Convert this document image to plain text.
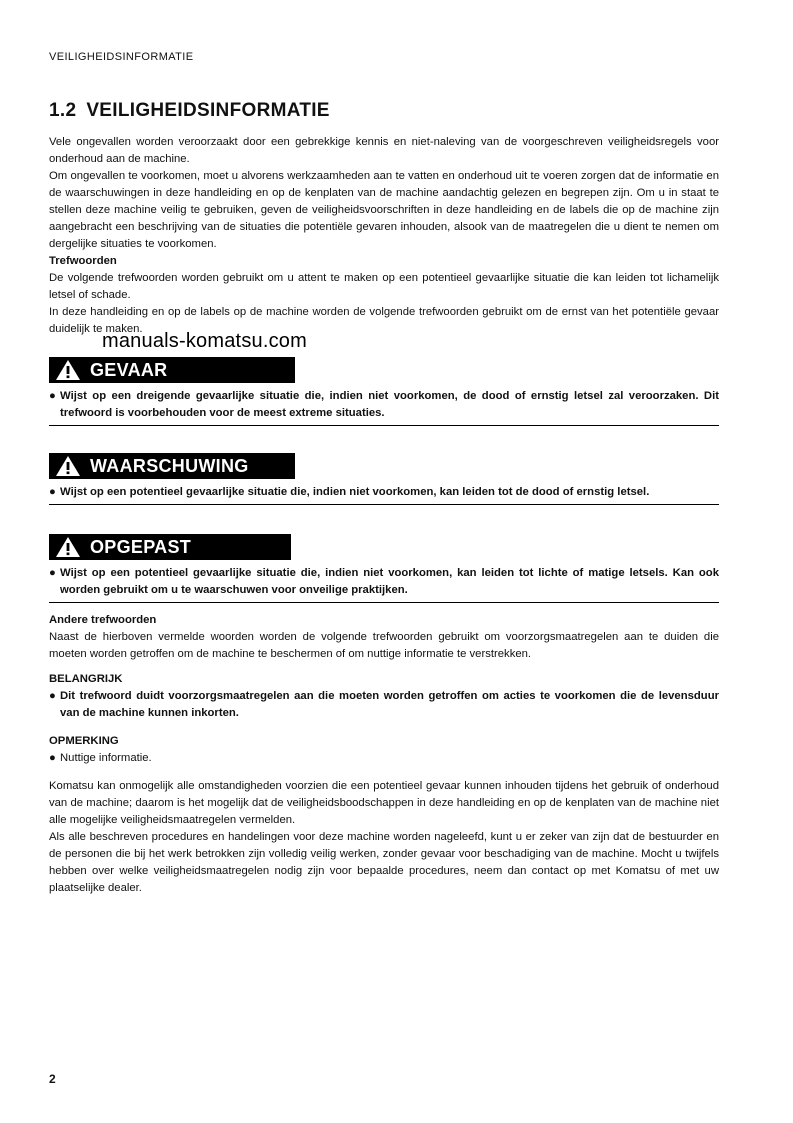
VEILIGHEIDSINFORMATIE
1.2 VEILIGHEIDSINFORMATIE

Vele ongevallen worden veroorzaakt door een gebrekkige kennis en niet-naleving van de voorgeschreven veiligheidsregels voor onderhoud aan de machine.

Om ongevallen te voorkomen, moet u alvorens werkzaamheden aan te vatten en onderhoud uit te voeren zorgen dat de informatie en de waarschuwingen in deze handleiding en op de kenplaten van de machine aandachtig gelezen en begrepen zijn. Om u in staat te stellen deze machine veilig te gebruiken, geven de veiligheidsvoorschriften in deze handleiding en de labels die op de machine zijn aangebracht een beschrijving van de situaties die potentiële gevaren inhouden, alsook van de maatregelen die u dient te nemen om dergelijke situaties te voorkomen.

Trefwoorden

De volgende trefwoorden worden gebruikt om u attent te maken op een potentieel gevaarlijke situatie die kan leiden tot lichamelijk letsel of schade.

In deze handleiding en op de labels op de machine worden de volgende trefwoorden gebruikt om de ernst van het potentiële gevaar duidelijk te maken.

GEVAAR
● Wijst op een dreigende gevaarlijke situatie die, indien niet voorkomen, de dood of ernstig letsel zal veroorzaken. Dit trefwoord is voorbehouden voor de meest extreme situaties.
WAARSCHUWING
● Wijst op een potentieel gevaarlijke situatie die, indien niet voorkomen, kan leiden tot de dood of ernstig letsel.
OPGEPAST
● Wijst op een potentieel gevaarlijke situatie die, indien niet voorkomen, kan leiden tot lichte of matige letsels. Kan ook worden gebruikt om u te waarschuwen voor onveilige praktijken.
Andere trefwoorden

Naast de hierboven vermelde woorden worden de volgende trefwoorden gebruikt om voorzorgsmaatregelen aan te duiden die moeten worden getroffen om de machine te beschermen of om nuttige informatie te verstrekken.

BELANGRIJK
● Dit trefwoord duidt voorzorgsmaatregelen aan die moeten worden getroffen om acties te voorkomen die de levensduur van de machine kunnen inkorten.
OPMERKING
● Nuttige informatie.

Komatsu kan onmogelijk alle omstandigheden voorzien die een potentieel gevaar kunnen inhouden tijdens het gebruik of onderhoud van de machine; daarom is het mogelijk dat de veiligheidsboodschappen in deze handleiding en op de kenplaten van de machine niet alle mogelijke veiligheidsmaatregelen vermelden.

Als alle beschreven procedures en handelingen voor deze machine worden nageleefd, kunt u er zeker van zijn dat de bestuurder en de personen die bij het werk betrokken zijn volledig veilig werken, zonder gevaar voor beschadiging van de machine. Mocht u twijfels hebben over welke veiligheidsmaatregelen nodig zijn voor bepaalde procedures, neem dan contact op met Komatsu of met uw plaatselijke dealer.

2
manuals-komatsu.com
